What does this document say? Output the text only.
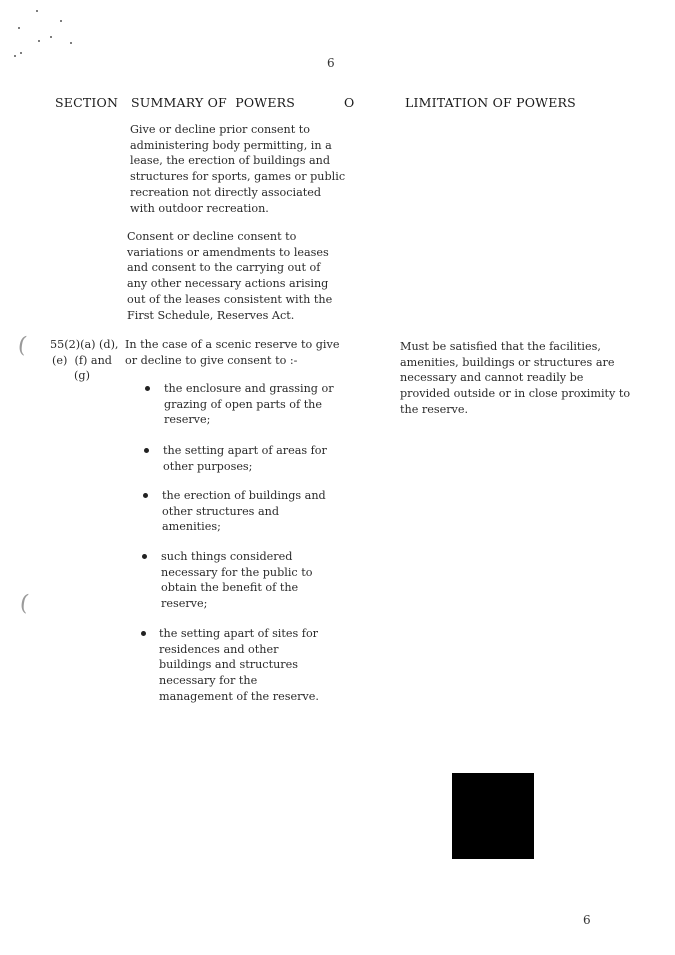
6
SECTION SUMMARY OF  POWERS	O	LIMITATION OF POWERS
Give or decline prior consent to
administering body permitting, in a
lease, the erection of buildings and
structures for sports, games or public
recreation not directly associated
with outdoor recreation.
Consent or decline consent to
variations or amendments to leases
and consent to the carrying out of
any other necessary actions arising
out of the leases consistent with the
First Schedule, Reserves Act.
(
(
55(2)(a) (d),
(e)  (f) and
(g)
In the case of a scenic reserve to give
or decline to give consent to :-
the enclosure and grassing or
grazing of open parts of the
reserve;
the setting apart of areas for
other purposes;
the erection of buildings and
other structures and
amenities;
such things considered
necessary for the public to
obtain the benefit of the
reserve;
the setting apart of sites for
residences and other
buildings and structures
necessary for the
management of the reserve.
Must be satisfied that the facilities,
amenities, buildings or structures are
necessary and cannot readily be
provided outside or in close proximity to
the reserve.
6
